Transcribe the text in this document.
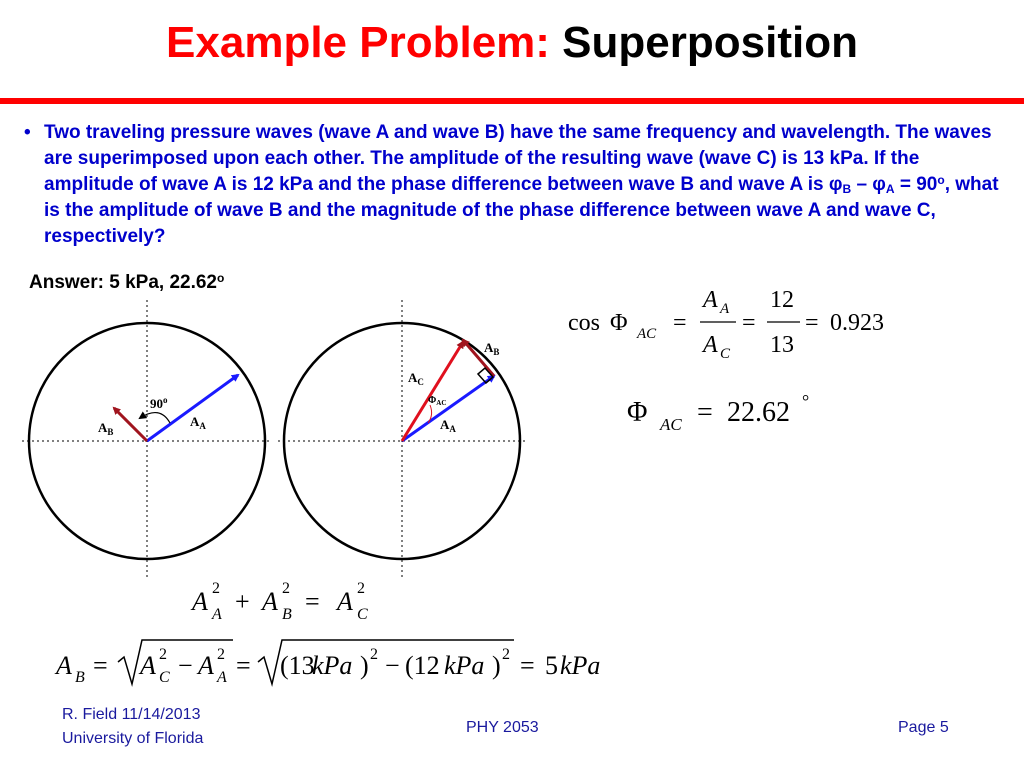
Example Problem: Superposition
• Two traveling pressure waves (wave A and wave B) have the same frequency and wavelength. The waves are superimposed upon each other. The amplitude of the resulting wave (wave C) is 13 kPa. If the amplitude of wave A is 12 kPa and the phase difference between wave B and wave A is $\varphi_B - \varphi_A = 90^o$, what is the amplitude of wave B and the magnitude of the phase difference between wave A and wave C, respectively?
Answer: 5 kPa, 22.62$^o$
90$^o$
$A_B$
$A_A$
$A_B$
$A_C$
$\Phi_{AC}$
$A_A$
cos Φ AC =
A A
A C
=
12
13
= 0.923
Φ AC = 22.62 °
A 2
A + A 2
B = A 2
C
A B = A 2
C − A 2
A = (13
kPa ) 2 − (12 kPa ) 2 = 5 kPa
R. Field 11/14/2013
University of Florida
PHY 2053	Page 5
